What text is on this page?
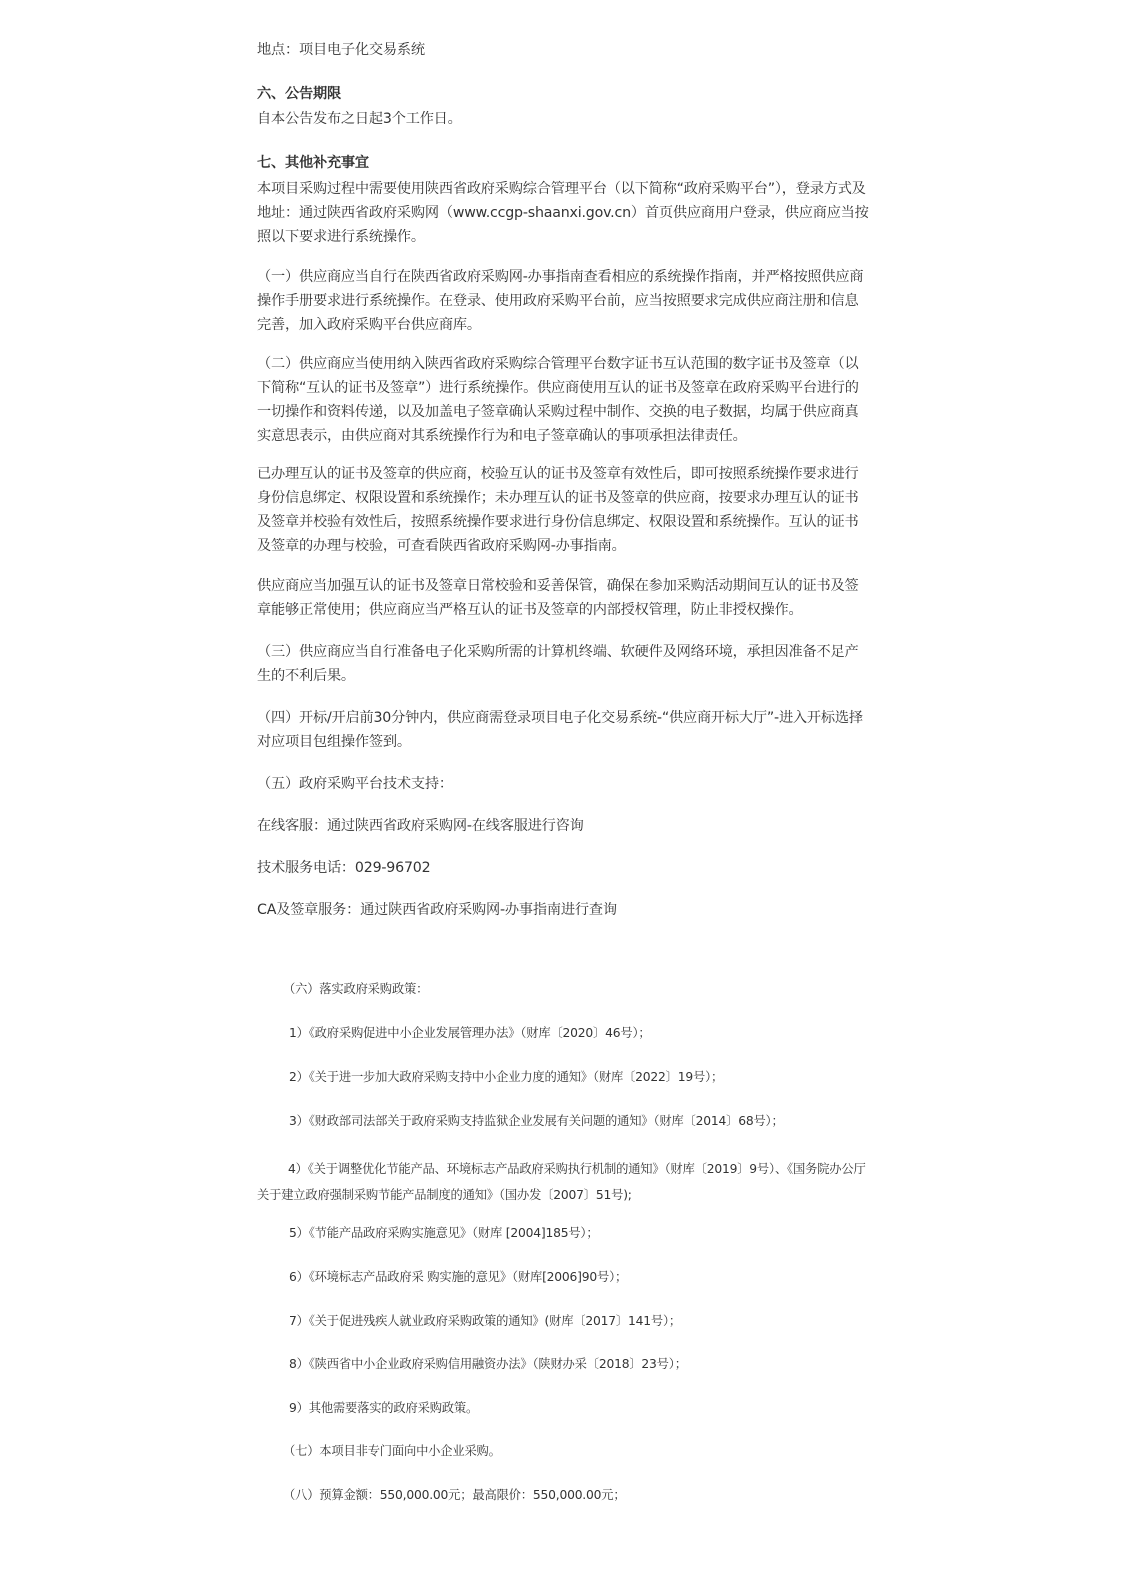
地点：项目电子化交易系统

六、公告期限

自本公告发布之日起3个工作日。

七、其他补充事宜

本项目采购过程中需要使用陕西省政府采购综合管理平台（以下简称“政府采购平台”），登录方式及地址：通过陕西省政府采购网（www.ccgp-shaanxi.gov.cn）首页供应商用户登录，供应商应当按照以下要求进行系统操作。

（一）供应商应当自行在陕西省政府采购网-办事指南查看相应的系统操作指南，并严格按照供应商操作手册要求进行系统操作。在登录、使用政府采购平台前，应当按照要求完成供应商注册和信息完善，加入政府采购平台供应商库。

（二）供应商应当使用纳入陕西省政府采购综合管理平台数字证书互认范围的数字证书及签章（以下简称“互认的证书及签章”）进行系统操作。供应商使用互认的证书及签章在政府采购平台进行的一切操作和资料传递，以及加盖电子签章确认采购过程中制作、交换的电子数据，均属于供应商真实意思表示，由供应商对其系统操作行为和电子签章确认的事项承担法律责任。

已办理互认的证书及签章的供应商，校验互认的证书及签章有效性后，即可按照系统操作要求进行身份信息绑定、权限设置和系统操作；未办理互认的证书及签章的供应商，按要求办理互认的证书及签章并校验有效性后，按照系统操作要求进行身份信息绑定、权限设置和系统操作。互认的证书及签章的办理与校验，可查看陕西省政府采购网-办事指南。

供应商应当加强互认的证书及签章日常校验和妥善保管，确保在参加采购活动期间互认的证书及签章能够正常使用；供应商应当严格互认的证书及签章的内部授权管理，防止非授权操作。

（三）供应商应当自行准备电子化采购所需的计算机终端、软硬件及网络环境，承担因准备不足产生的不利后果。

（四）开标/开启前30分钟内，供应商需登录项目电子化交易系统-“供应商开标大厅”-进入开标选择对应项目包组操作签到。

（五）政府采购平台技术支持：

在线客服：通过陕西省政府采购网-在线客服进行咨询

技术服务电话：029-96702

CA及签章服务：通过陕西省政府采购网-办事指南进行查询

（六）落实政府采购政策：

1）《政府采购促进中小企业发展管理办法》（财库〔2020〕46号）；

2）《关于进一步加大政府采购支持中小企业力度的通知》（财库〔2022〕19号）；

3）《财政部司法部关于政府采购支持监狱企业发展有关问题的通知》（财库〔2014〕68号）；

4）《关于调整优化节能产品、环境标志产品政府采购执行机制的通知》（财库〔2019〕9号）、《国务院办公厅关于建立政府强制采购节能产品制度的通知》（国办发〔2007〕51号);

5）《节能产品政府采购实施意见》（财库 [2004]185号）；

6）《环境标志产品政府采 购实施的意见》（财库[2006]90号）；

7）《关于促进残疾人就业政府采购政策的通知》(财库〔2017〕141号）；

8）《陕西省中小企业政府采购信用融资办法》（陕财办采〔2018〕23号）；

9）其他需要落实的政府采购政策。

（七）本项目非专门面向中小企业采购。

（八）预算金额：550,000.00元；最高限价：550,000.00元；
